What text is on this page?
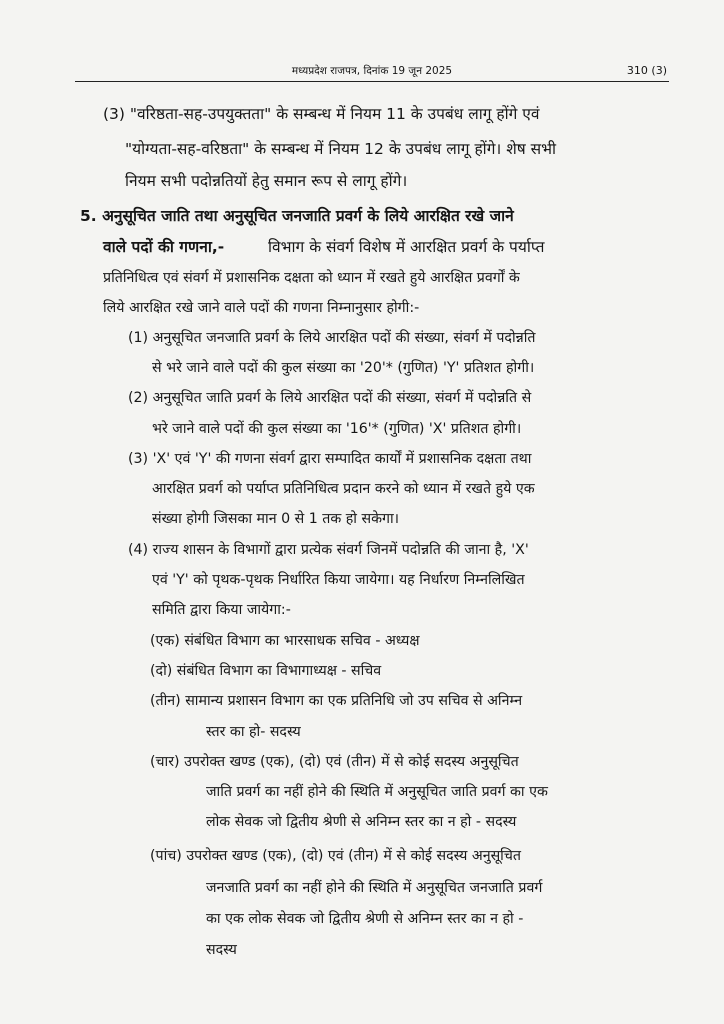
मध्यप्रदेश राजपत्र, दिनांक 19 जून 2025	310 (3)
(3) "वरिष्ठता-सह-उपयुक्तता" के सम्बन्ध में नियम 11 के उपबंध लागू होंगे एवं
"योग्यता-सह-वरिष्ठता" के सम्बन्ध में नियम 12 के उपबंध लागू होंगे। शेष सभी
नियम सभी पदोन्नतियों हेतु समान रूप से लागू होंगे।
5. अनुसूचित जाति तथा अनुसूचित जनजाति प्रवर्ग के लिये आरक्षित रखे जाने
वाले पदों की गणना,-	विभाग के संवर्ग विशेष में आरक्षित प्रवर्ग के पर्याप्त
प्रतिनिधित्व एवं संवर्ग में प्रशासनिक दक्षता को ध्यान में रखते हुये आरक्षित प्रवर्गों के
लिये आरक्षित रखे जाने वाले पदों की गणना निम्नानुसार होगी:-
(1) अनुसूचित जनजाति प्रवर्ग के लिये आरक्षित पदों की संख्या, संवर्ग में पदोन्नति
से भरे जाने वाले पदों की कुल संख्या का '20'* (गुणित) 'Y' प्रतिशत होगी।
(2) अनुसूचित जाति प्रवर्ग के लिये आरक्षित पदों की संख्या, संवर्ग में पदोन्नति से
भरे जाने वाले पदों की कुल संख्या का '16'* (गुणित) 'X' प्रतिशत होगी।
(3) 'X' एवं 'Y' की गणना संवर्ग द्वारा सम्पादित कार्यों में प्रशासनिक दक्षता तथा
आरक्षित प्रवर्ग को पर्याप्त प्रतिनिधित्व प्रदान करने को ध्यान में रखते हुये एक
संख्या होगी जिसका मान 0 से 1 तक हो सकेगा।
(4) राज्य शासन के विभागों द्वारा प्रत्येक संवर्ग जिनमें पदोन्नति की जाना है, 'X'
एवं 'Y' को पृथक-पृथक निर्धारित किया जायेगा। यह निर्धारण निम्नलिखित
समिति द्वारा किया जायेगा:-
(एक) संबंधित विभाग का भारसाधक सचिव - अध्यक्ष
(दो) संबंधित विभाग का विभागाध्यक्ष - सचिव
(तीन) सामान्य प्रशासन विभाग का एक प्रतिनिधि जो उप सचिव से अनिम्न
स्तर का हो- सदस्य
(चार) उपरोक्त खण्ड (एक), (दो) एवं (तीन) में से कोई सदस्य अनुसूचित
जाति प्रवर्ग का नहीं होने की स्थिति में अनुसूचित जाति प्रवर्ग का एक
लोक सेवक जो द्वितीय श्रेणी से अनिम्न स्तर का न हो - सदस्य
(पांच) उपरोक्त खण्ड (एक), (दो) एवं (तीन) में से कोई सदस्य अनुसूचित
जनजाति प्रवर्ग का नहीं होने की स्थिति में अनुसूचित जनजाति प्रवर्ग
का एक लोक सेवक जो द्वितीय श्रेणी से अनिम्न स्तर का न हो -
सदस्य
